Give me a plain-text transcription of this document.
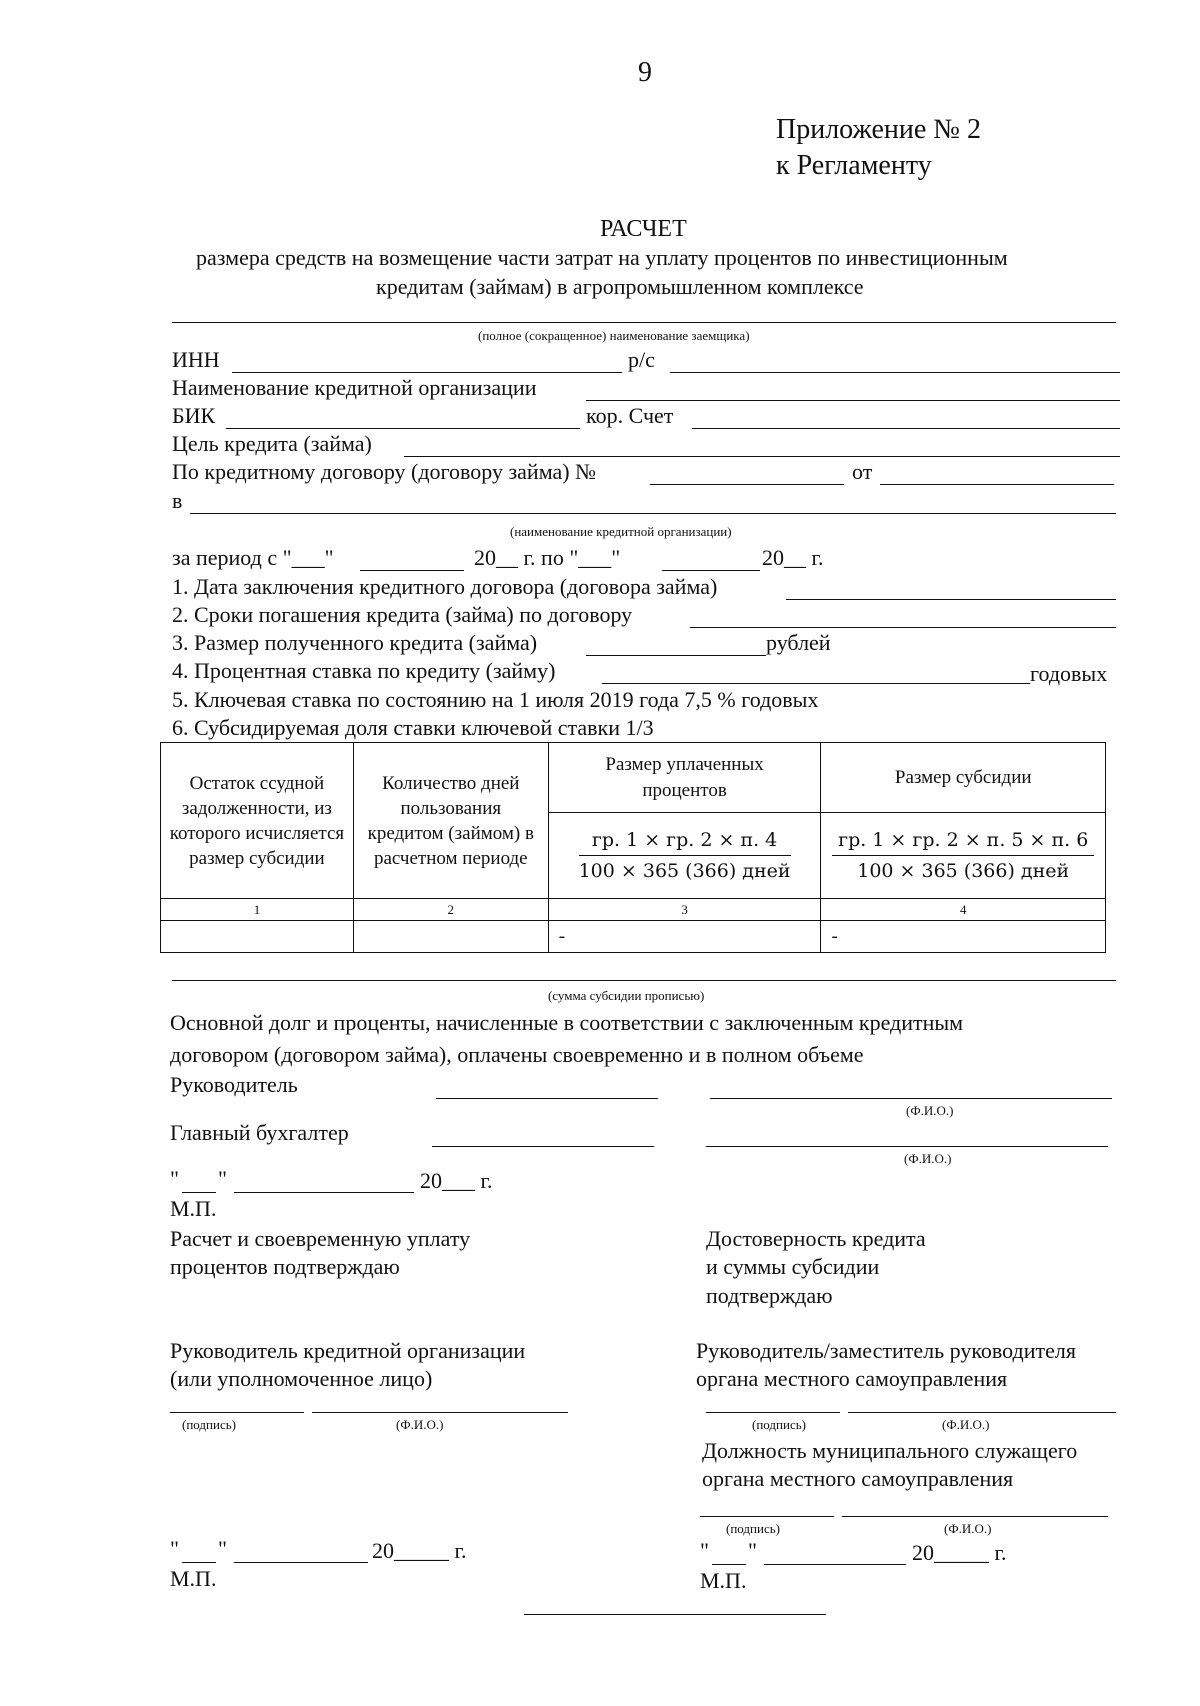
9
Приложение № 2
к Регламенту
РАСЧЕТ
размера средств на возмещение части затрат на уплату процентов по инвестиционным
кредитам (займам) в агропромышленном комплексе
(полное (сокращенное) наименование заемщика)
ИНН	р/с
Наименование кредитной организации
БИК	кор. Счет
Цель кредита (займа)
По кредитному договору (договору займа) №	от
в
(наименование кредитной организации)
за период с "___"	20__ г. по "___"	20__ г.
1. Дата заключения кредитного договора (договора займа)
2. Сроки погашения кредита (займа) по договору
3. Размер полученного кредита (займа)	рублей
4. Процентная ставка по кредиту (займу)	годовых
5. Ключевая ставка по состоянию на 1 июля 2019 года 7,5 % годовых
6. Субсидируемая доля ставки ключевой ставки 1/3
Остаток ссудной задолженности, из которого исчисляется размер субсидии	Количество дней пользования кредитом (займом) в расчетном периоде	Размер уплаченных процентов	Размер субсидии

		$\frac{гр. 1 \times гр. 2 \times п. 4}{\text{100 × 365 (366) дней}}$	$\frac{гр. 1 \times гр. 2 \times п. 5 \times п. 6}{\text{100 × 365 (366) дней}}$

1	2	3	4
		-	-
(сумма субсидии прописью)
Основной долг и проценты, начисленные в соответствии с заключенным кредитным
договором (договором займа), оплачены своевременно и в полном объеме
Руководитель
(Ф.И.О.)
Главный бухгалтер
(Ф.И.О.)
" "	20___ г.
М.П.
Расчет и своевременную уплату
процентов подтверждаю
Достоверность кредита
и суммы субсидии
подтверждаю
Руководитель кредитной организации
(или уполномоченное лицо)
Руководитель/заместитель руководителя
органа местного самоуправления
(подпись)	(Ф.И.О.)	(подпись)	(Ф.И.О.)
Должность муниципального служащего
органа местного самоуправления
(подпись)	(Ф.И.О.)
" "	20_____ г.
М.П.
" "	20_____ г.
М.П.
